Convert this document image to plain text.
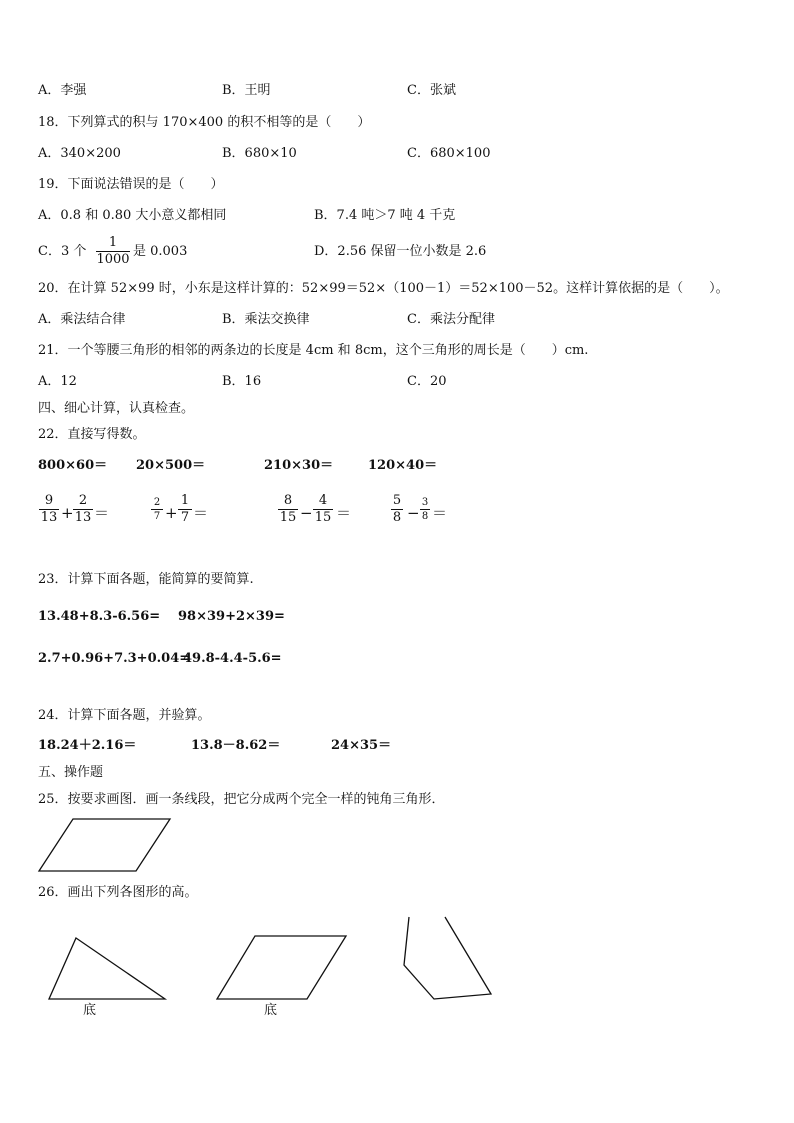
A．李强	B．王明	C．张斌
18．下列算式的积与 170×400 的积不相等的是（　　）
A．340×200	B．680×10	C．680×100
19．下面说法错误的是（　　）
A．0.8 和 0.80 大小意义都相同	B．7.4 吨＞7 吨 4 千克
C．3 个
1
1000
是 0.003	D．2.56 保留一位小数是 2.6
20．在计算 52×99 时，小东是这样计算的：52×99＝52×（100－1）＝52×100－52。这样计算依据的是（　　）。
A．乘法结合律	B．乘法交换律	C．乘法分配律
21．一个等腰三角形的相邻的两条边的长度是 4cm 和 8cm，这个三角形的周长是（　　）cm.
A．12	B．16	C．20
四、细心计算，认真检查。
22．直接写得数。
800×60＝ 20×500＝	210×30＝	120×40＝
9
13 +
2
13 ＝
2
7 +
1
7 ＝
8
15 −
4
15 ＝
5
8 −
3
8 ＝
23．计算下面各题，能简算的要简算.
13.48+8.3-6.56= 98×39+2×39=
2.7+0.96+7.3+0.04=
49.8-4.4-5.6=
24．计算下面各题，并验算。
18.24＋2.16＝	13.8－8.62＝	24×35＝
五、操作题
25．按要求画图．画一条线段，把它分成两个完全一样的钝角三角形．
26．画出下列各图形的高。
底	底
